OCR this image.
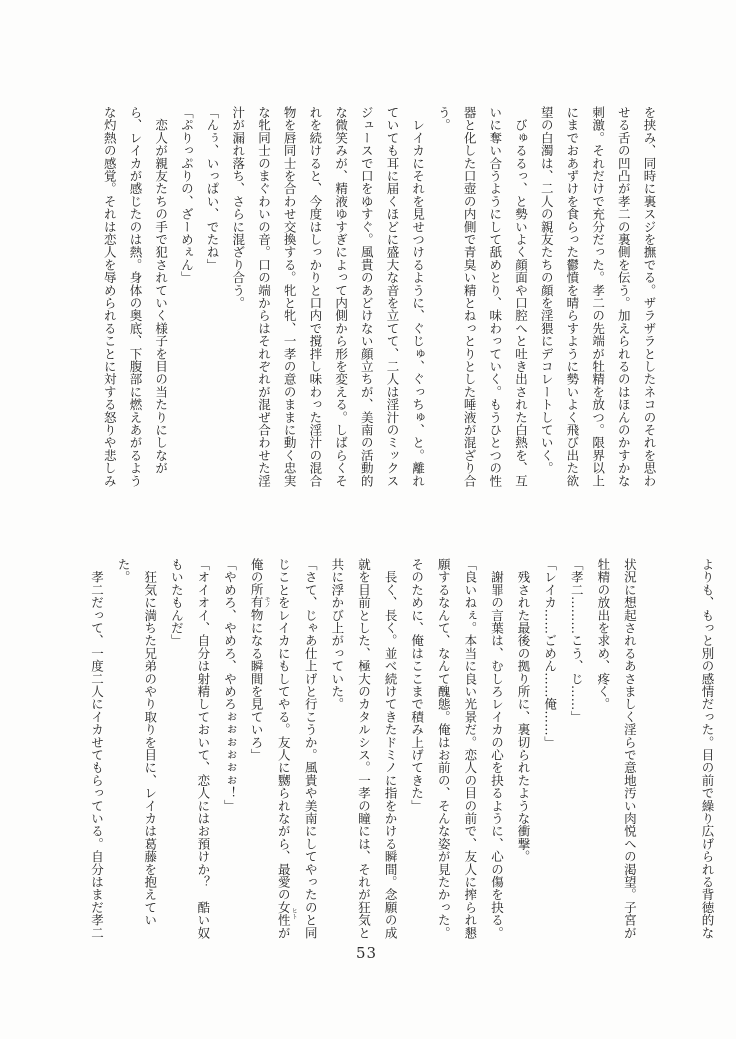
を挟み、同時に裏スジを撫でる。ザラザラとしたネコのそれを思わ
せる舌の凹凸が孝二の裏側を伝う。加えられるのはほんのかすかな
刺激。それだけで充分だった。孝二の先端が牡精を放つ。限界以上
にまでおあずけを食らった鬱憤を晴らすように勢いよく飛び出た欲
望の白濁は、二人の親友たちの顔を淫猥にデコレートしていく。
　びゅるるっ、と勢いよく顔面や口腔へと吐き出された白熱を、互
いに奪い合うようにして舐めとり、味わっていく。もうひとつの性
器と化した口壺の内側で青臭い精とねっとりとした唾液が混ざり合
う。
　レイカにそれを見せつけるように、ぐじゅ、ぐっちゅ、と。離れ
ていても耳に届くほどに盛大な音を立てて、二人は淫汁のミックス
ジュースで口をゆすぐ。風貴のあどけない顔立ちが、美南の活動的
な微笑みが、精液ゆすぎによって内側から形を変える。しばらくそ
れを続けると、今度はしっかりと口内で撹拌し味わった淫汁の混合
物を唇同士を合わせ交換する。牝と牝、一孝の意のままに動く忠実
な牝同士のまぐわいの音。口の端からはそれぞれが混ぜ合わせた淫
汁が漏れ落ち、さらに混ざり合う。
「んぅ、いっぱい、でたね」
「ぷりっぷりの、ざーめぇん」
　恋人が親友たちの手で犯されていく様子を目の当たりにしなが
ら、レイカが感じたのは熱。身体の奥底、下腹部に燃えあがるよう
な灼熱の感覚。それは恋人を辱められることに対する怒りや悲しみ
よりも、もっと別の感情だった。目の前で繰り広げられる背徳的な
状況に想起されるあさましく淫らで意地汚い肉悦への渇望。子宮が
牡精の放出を求め、疼く。
「孝二………こう、じ……」
「レイカ……ごめん……俺……」
　残された最後の拠り所に、裏切られたような衝撃。
　謝罪の言葉は、むしろレイカの心を抉るように、心の傷を抉る。
「良いねぇ。本当に良い光景だ。恋人の目の前で、友人に搾られ懇
願するなんて、なんて醜態。俺はお前の、そんな姿が見たかった。
そのために、俺はここまで積み上げてきた」
　長く、長く。並べ続けてきたドミノに指をかける瞬間。念願の成
就を目前とした、極大のカタルシス。一孝の瞳には、それが狂気と
共に浮かび上がっていた。
「さて、じゃあ仕上げと行こうか。風貴や美南にしてやったのと同
じことをレイカにもしてやる。友人に嬲られながら、最愛の女性 ヒトが
俺の所有物 モノになる瞬間を見ていろ」
「やめろ、やめろ、やめろぉぉぉぉぉぉ！」
「オイオイ、自分は射精しておいて、恋人にはお預けか？　酷い奴
もいたもんだ」
　狂気に満ちた兄弟のやり取りを目に、レイカは葛藤を抱えてい
た。
　孝二だって、一度二人にイカせてもらっている。自分はまだ孝二
53
